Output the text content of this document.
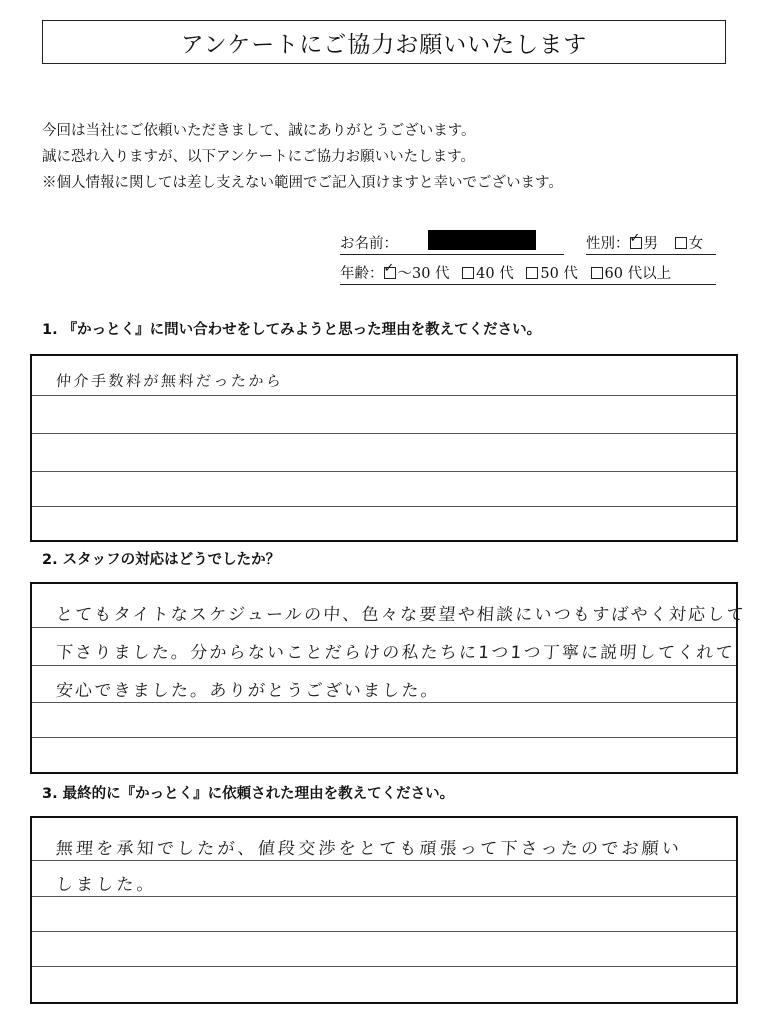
アンケートにご協力お願いいたします
今回は当社にご依頼いただきまして、誠にありがとうございます。
誠に恐れ入りますが、以下アンケートにご協力お願いいたします。
※個人情報に関しては差し支えない範囲でご記入頂けますと幸いでございます。
お名前：	性別： ✓ 男 女
年齢： ✓ ～30 代 40 代 50 代 60 代以上
1. 『かっとく』に問い合わせをしてみようと思った理由を教えてください。
仲介手数料が無料だったから
2. スタッフの対応はどうでしたか？
とてもタイトなスケジュールの中、色々な要望や相談にいつもすばやく対応して
下さりました。分からないことだらけの私たちに1つ1つ丁寧に説明してくれて
安心できました。ありがとうございました。
3. 最終的に『かっとく』に依頼された理由を教えてください。
無理を承知でしたが、値段交渉をとても頑張って下さったのでお願い
しました。
